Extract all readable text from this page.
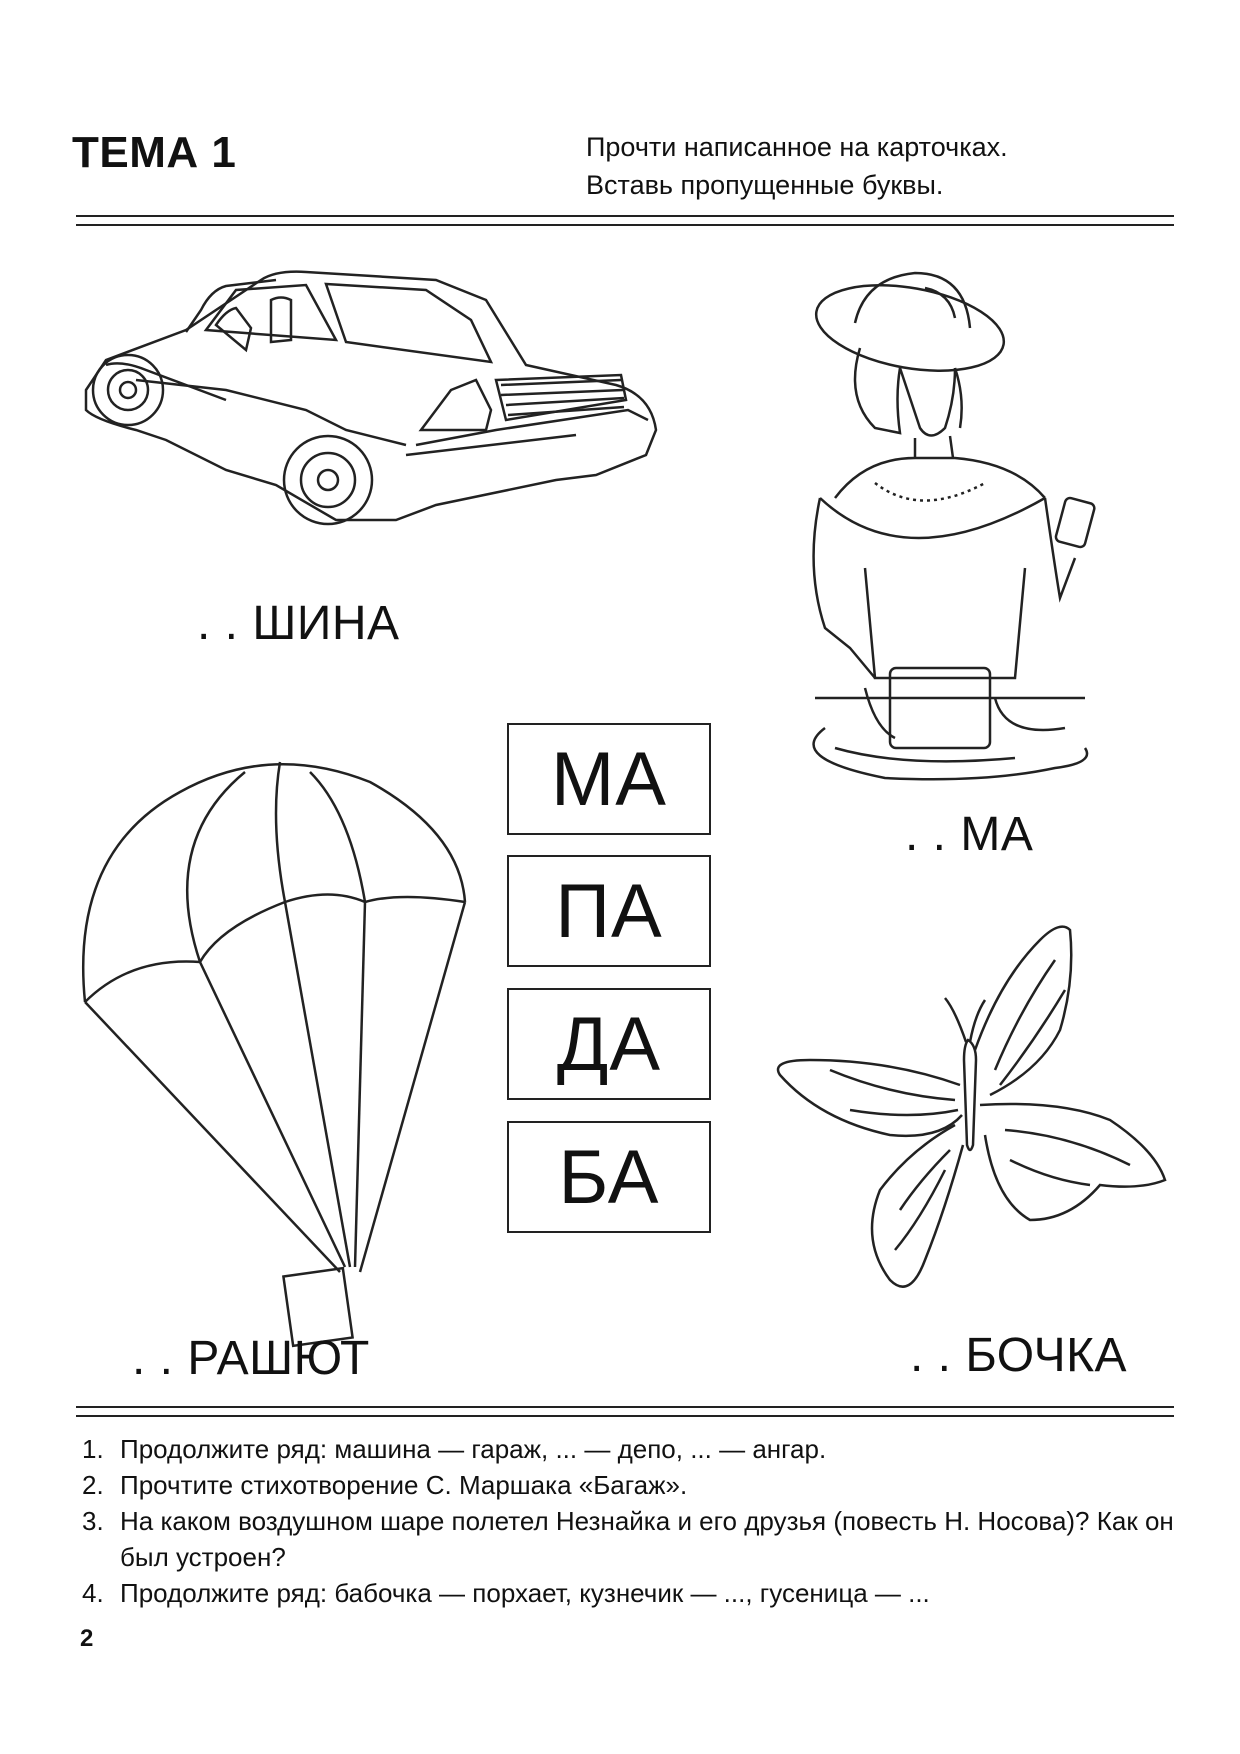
ТЕМА 1	Прочти написанное на карточках.
Вставь пропущенные буквы.
. . ШИНА
. . МА
. . РАШЮТ
МА
ПА
ДА
БА
. . БОЧКА
1. Продолжите ряд: машина — гараж, ... — депо, ... — ангар.
2. Прочтите стихотворение С. Маршака «Багаж».
3. На каком воздушном шаре полетел Незнайка и его друзья (повесть Н. Носова)? Как он был устроен?
4. Продолжите ряд: бабочка — порхает, кузнечик — ..., гусеница — ...
2
